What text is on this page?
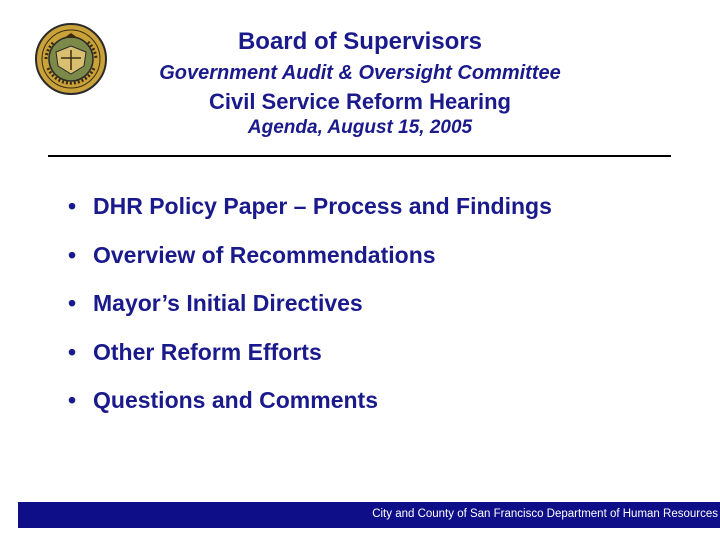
Board of Supervisors
Government Audit & Oversight Committee
Civil Service Reform Hearing
Agenda, August 15, 2005
• DHR Policy Paper – Process and Findings
• Overview of Recommendations
• Mayor’s Initial Directives
• Other Reform Efforts
• Questions and Comments
City and County of San Francisco Department of Human Resources
